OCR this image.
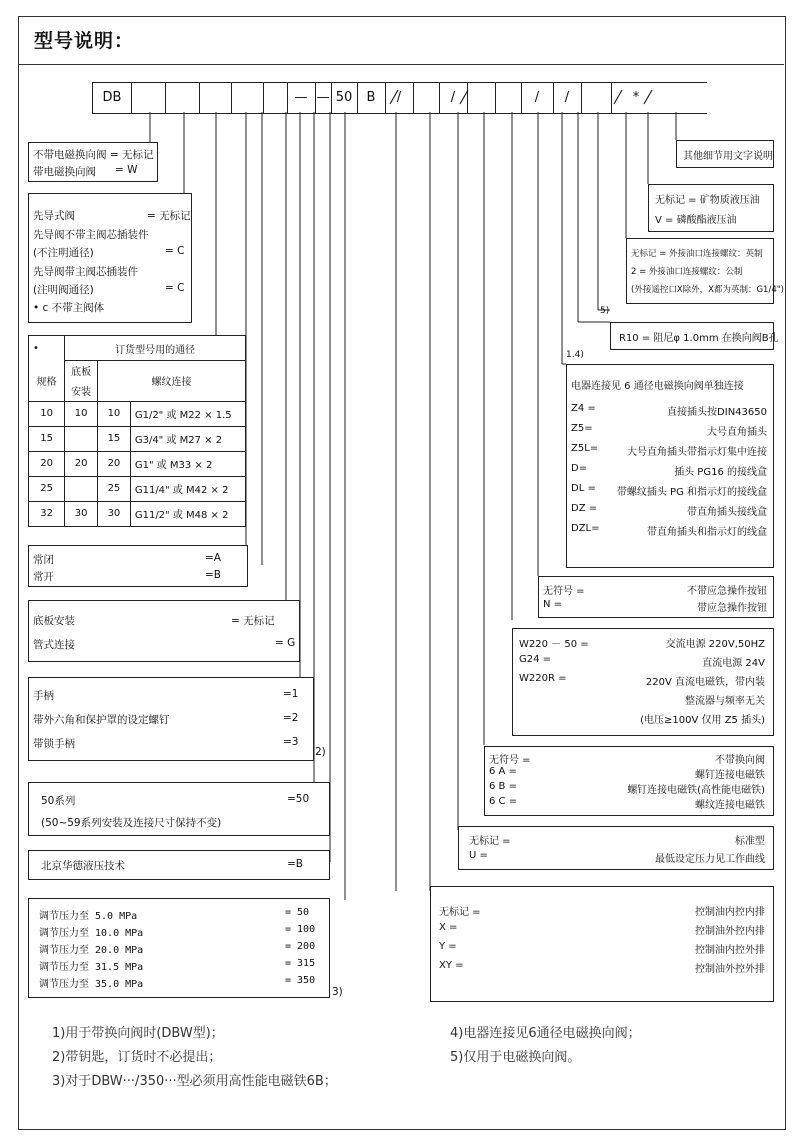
型号说明：
DB	— — 50	B	/	/	/	/	*
不带电磁换向阀 = 无标记
带电磁换向阀 = W
先导式阀	= 无标记
先导阀不带主阀芯插装件
(不注明通径)	= C
先导阀带主阀芯插装件
(注明阀通径)	= C
• c 不带主阀体
•	订货型号用的通径		
规格	底板	螺纹连接	
	安装		
10	10	10	G1/2" 或 M22 × 1.5
15		15	G3/4" 或 M27 × 2
20	20	20	G1" 或 M33 × 2
25		25	G11/4" 或 M42 × 2
32	30	30	G11/2" 或 M48 × 2
常闭	=A
常开	=B
底板安装	= 无标记
管式连接	= G
手柄	=1
带外六角和保护罩的设定螺钉	=2
带锁手柄	=3
2)
50系列	=50
(50~59系列安装及连接尺寸保持不变)
北京华德液压技术	=B
调节压力至 5.0 MPa	= 50
调节压力至 10.0 MPa	= 100
调节压力至 20.0 MPa	= 200
调节压力至 31.5 MPa	= 315
调节压力至 35.0 MPa	= 350
3)
其他细节用文字说明
无标记 = 矿物质液压油
V = 磷酸酯液压油
无标记 = 外接油口连接螺纹：英制
2 = 外接油口连接螺纹：公制
(外接遥控口X除外，X都为英制：G1/4")
5)
R10 = 阻尼φ 1.0mm 在换向阀B孔
1.4)
电器连接见 6 通径电磁换向阀单独连接
Z4 =	直接插头按DIN43650
Z5=	大号直角插头
Z5L=	大号直角插头带指示灯集中连接
D=	插头 PG16 的接线盒
DL = 带螺纹插头 PG 和指示灯的接线盒
DZ =	带直角插头接线盒
DZL=	带直角插头和指示灯的线盒
无符号 =	不带应急操作按钮
N =	带应急操作按钮
W220 － 50 =	交流电源 220V,50HZ
G24 =	直流电源 24V
W220R =	220V 直流电磁铁，带内装
整流器与频率无关
(电压≥100V 仅用 Z5 插头)
无符号 =	不带换向阀
6 A =	螺钉连接电磁铁
6 B =	螺钉连接电磁铁(高性能电磁铁)
6 C =	螺纹连接电磁铁
无标记 =	标准型
U =	最低设定压力见工作曲线
无标记 =	控制油内控内排
X =	控制油外控内排
Y =	控制油内控外排
XY =	控制油外控外排
1)用于带换向阀时(DBW型)；
2)带钥匙，订货时不必提出；
3)对于DBW···/350···型必须用高性能电磁铁6B；
4)电器连接见6通径电磁换向阀；
5)仅用于电磁换向阀。
